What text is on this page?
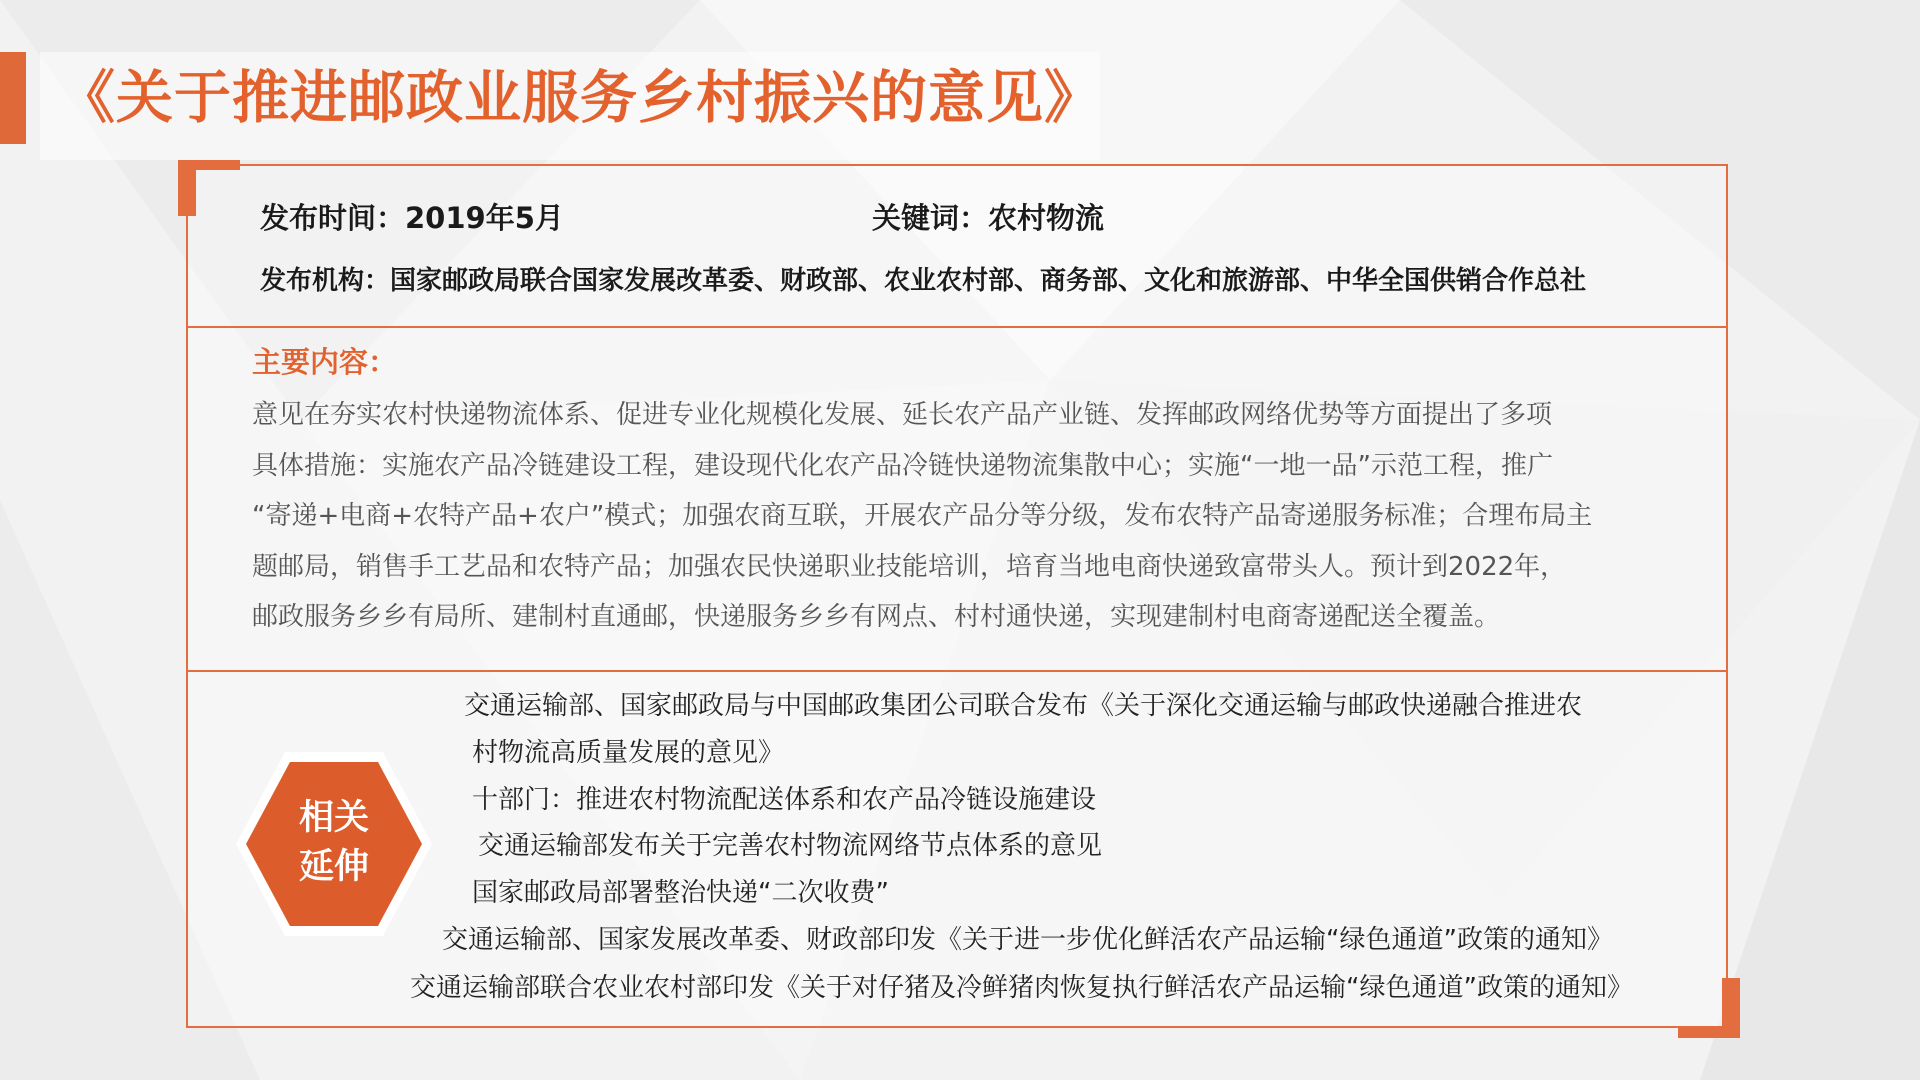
《关于推进邮政业服务乡村振兴的意见》
发布时间：2019年5月	关键词：农村物流
发布机构：国家邮政局联合国家发展改革委、财政部、农业农村部、商务部、文化和旅游部、中华全国供销合作总社
主要内容：

意见在夯实农村快递物流体系、促进专业化规模化发展、延长农产品产业链、发挥邮政网络优势等方面提出了多项
具体措施：实施农产品冷链建设工程，建设现代化农产品冷链快递物流集散中心；实施“一地一品”示范工程，推广
“寄递+电商+农特产品+农户”模式；加强农商互联，开展农产品分等分级，发布农特产品寄递服务标准；合理布局主
题邮局，销售手工艺品和农特产品；加强农民快递职业技能培训，培育当地电商快递致富带头人。预计到2022年，
邮政服务乡乡有局所、建制村直通邮，快递服务乡乡有网点、村村通快递，实现建制村电商寄递配送全覆盖。

相关
延伸
交通运输部、国家邮政局与中国邮政集团公司联合发布《关于深化交通运输与邮政快递融合推进农
村物流高质量发展的意见》
十部门：推进农村物流配送体系和农产品冷链设施建设
交通运输部发布关于完善农村物流网络节点体系的意见
国家邮政局部署整治快递“二次收费”
交通运输部、国家发展改革委、财政部印发《关于进一步优化鲜活农产品运输“绿色通道”政策的通知》
交通运输部联合农业农村部印发《关于对仔猪及冷鲜猪肉恢复执行鲜活农产品运输“绿色通道”政策的通知》
